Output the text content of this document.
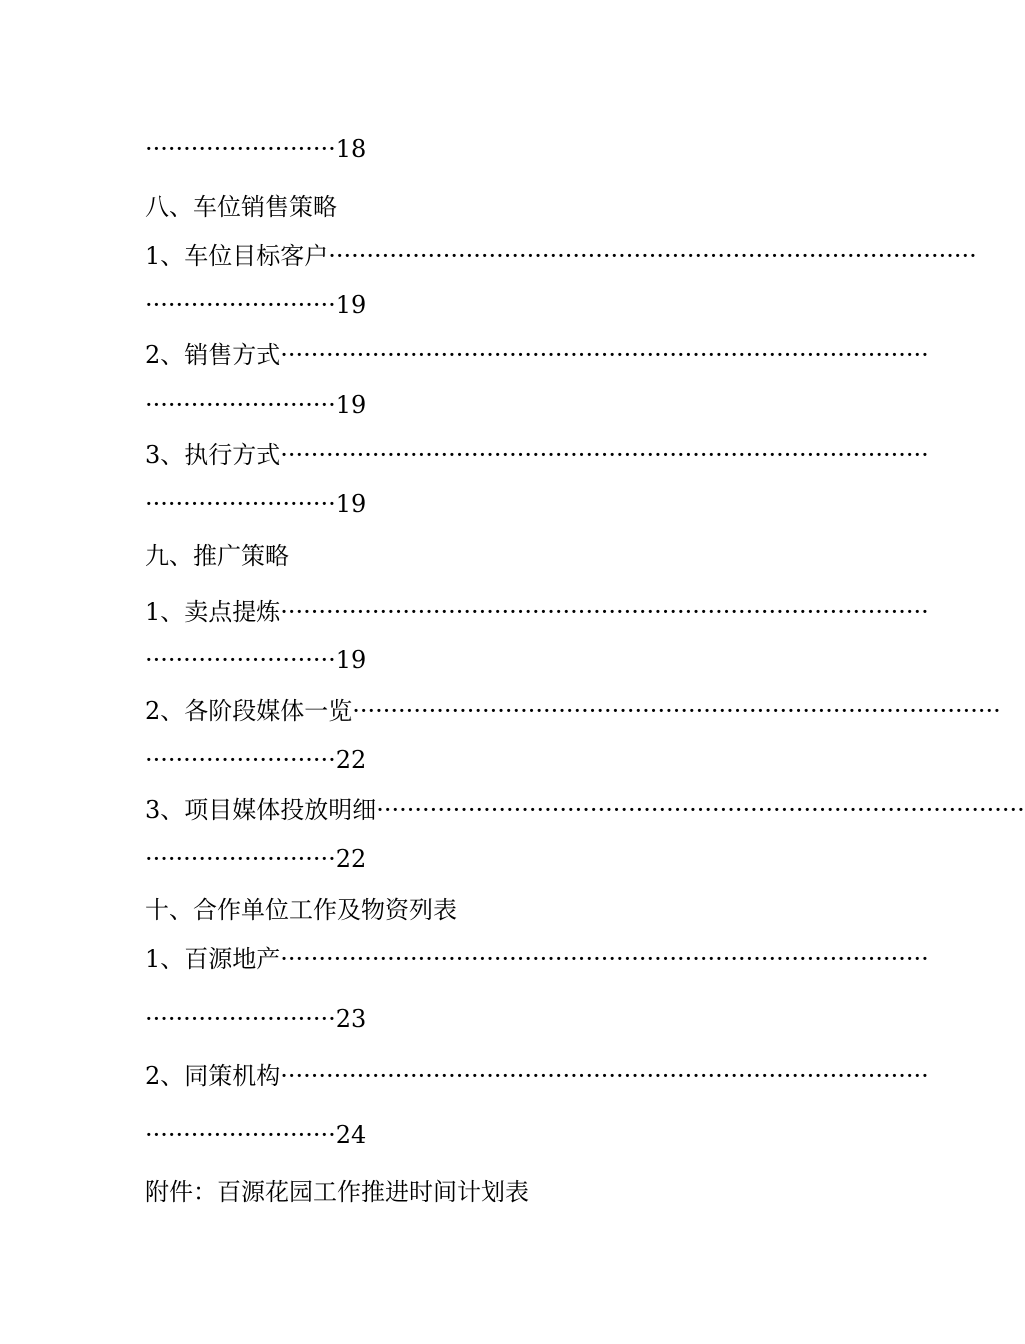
························· 18
八、车位销售策略
1、车位目标客户 ·····················································································
························· 19
2、销售方式 ·····················································································
························· 19
3、执行方式 ·····················································································
························· 19
九、推广策略
1、卖点提炼 ·····················································································
························· 19
2、各阶段媒体一览 ·····················································································
························· 22
3、项目媒体投放明细 ·····················································································
························· 22
十、合作单位工作及物资列表
1、百源地产 ·····················································································
························· 23
2、同策机构 ·····················································································
························· 24
附件：百源花园工作推进时间计划表
